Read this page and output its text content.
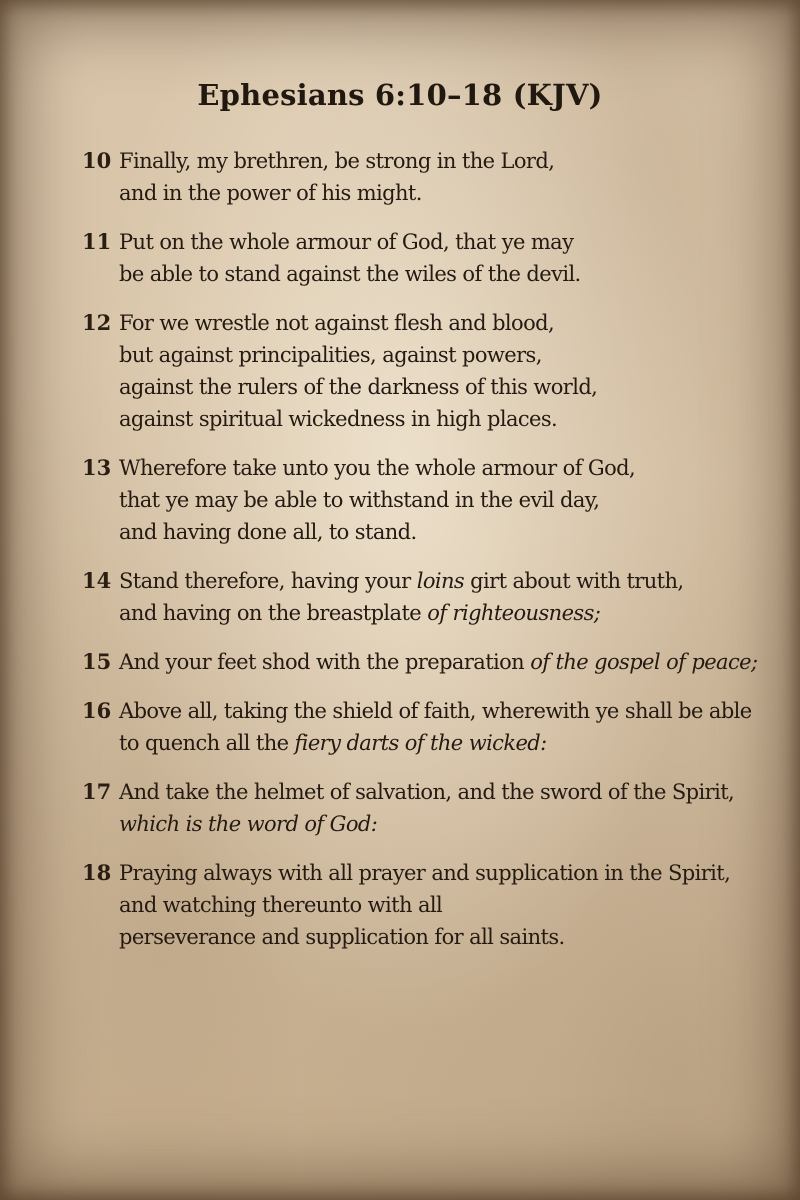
Ephesians 6:10–18 (KJV)
10 Finally, my brethren, be strong in the Lord,
and in the power of his might.
11 Put on the whole armour of God, that ye may
be able to stand against the wiles of the devil.
12 For we wrestle not against flesh and blood,
but against principalities, against powers,
against the rulers of the darkness of this world,
against spiritual wickedness in high places.
13 Wherefore take unto you the whole armour of God,
that ye may be able to withstand in the evil day,
and having done all, to stand.
14 Stand therefore, having your loins girt about with truth,
and having on the breastplate of righteousness;
15 And your feet shod with the preparation of the gospel of peace;
16 Above all, taking the shield of faith, wherewith ye shall be able
to quench all the fiery darts of the wicked:
17 And take the helmet of salvation, and the sword of the Spirit,
which is the word of God:
18 Praying always with all prayer and supplication in the Spirit,
and watching thereunto with all
perseverance and supplication for all saints.
